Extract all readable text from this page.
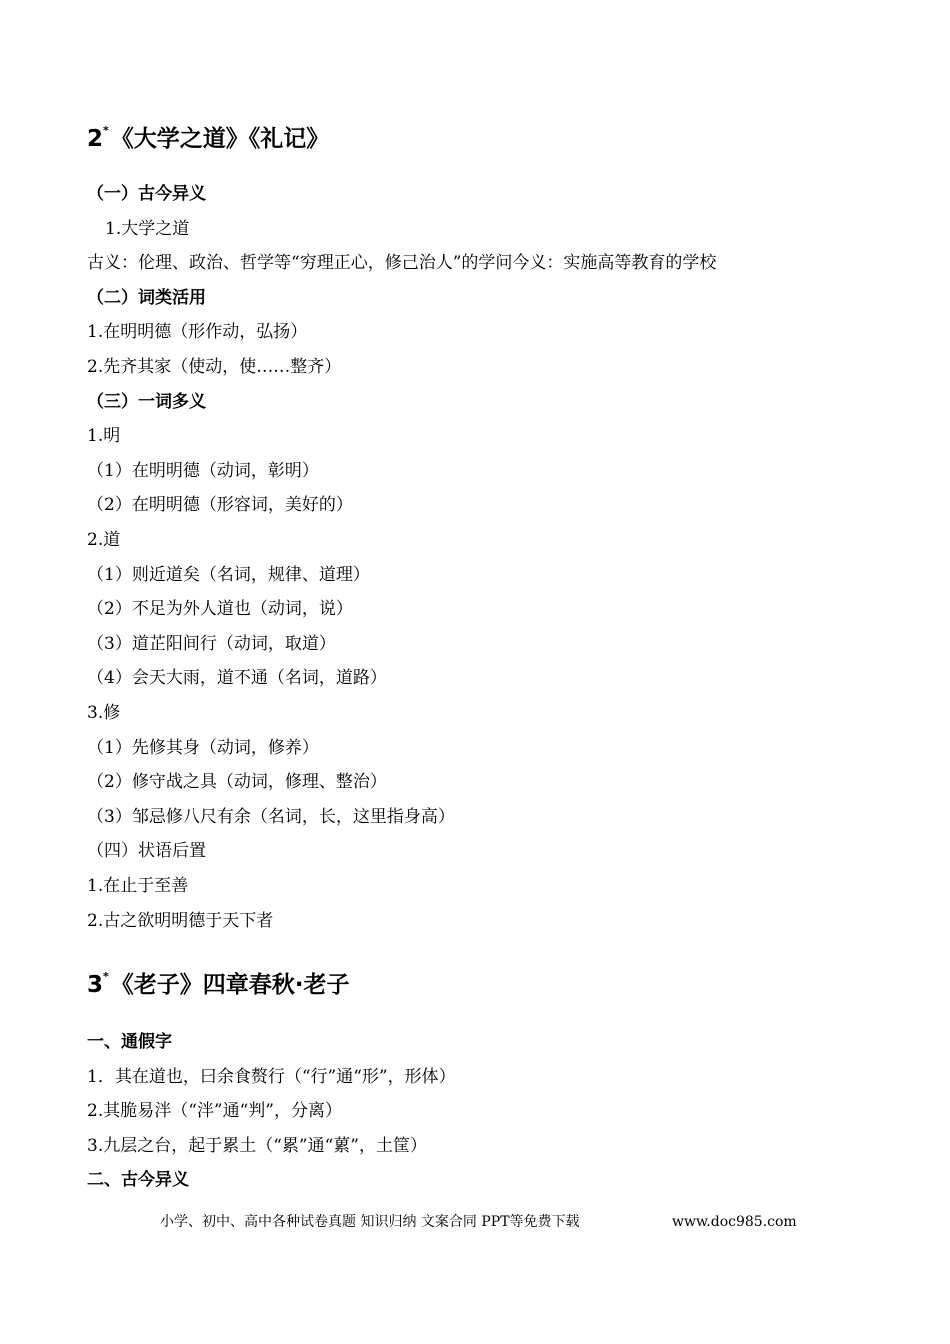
2*《大学之道》《礼记》
（一）古今异义
1.大学之道
古义：伦理、政治、哲学等“穷理正心，修己治人”的学问今义：实施高等教育的学校
（二）词类活用
1.在明明德（形作动，弘扬）
2.先齐其家（使动，使……整齐）
（三）一词多义
1.明
（1）在明明德（动词，彰明）
（2）在明明德（形容词，美好的）
2.道
（1）则近道矣（名词，规律、道理）
（2）不足为外人道也（动词，说）
（3）道芷阳间行（动词，取道）
（4）会天大雨，道不通（名词，道路）
3.修
（1）先修其身（动词，修养）
（2）修守战之具（动词，修理、整治）
（3）邹忌修八尺有余（名词，长，这里指身高）
（四）状语后置
1.在止于至善
2.古之欲明明德于天下者
3*《老子》四章春秋·老子
一、通假字
1．其在道也，曰余食赘行（“行”通“形”，形体）
2.其脆易泮（“泮”通“判”，分离）
3.九层之台，起于累土（“累”通“蔂”，土筐）
二、古今异义
小学、初中、高中各种试卷真题 知识归纳 文案合同 PPT等免费下载	www.doc985.com
